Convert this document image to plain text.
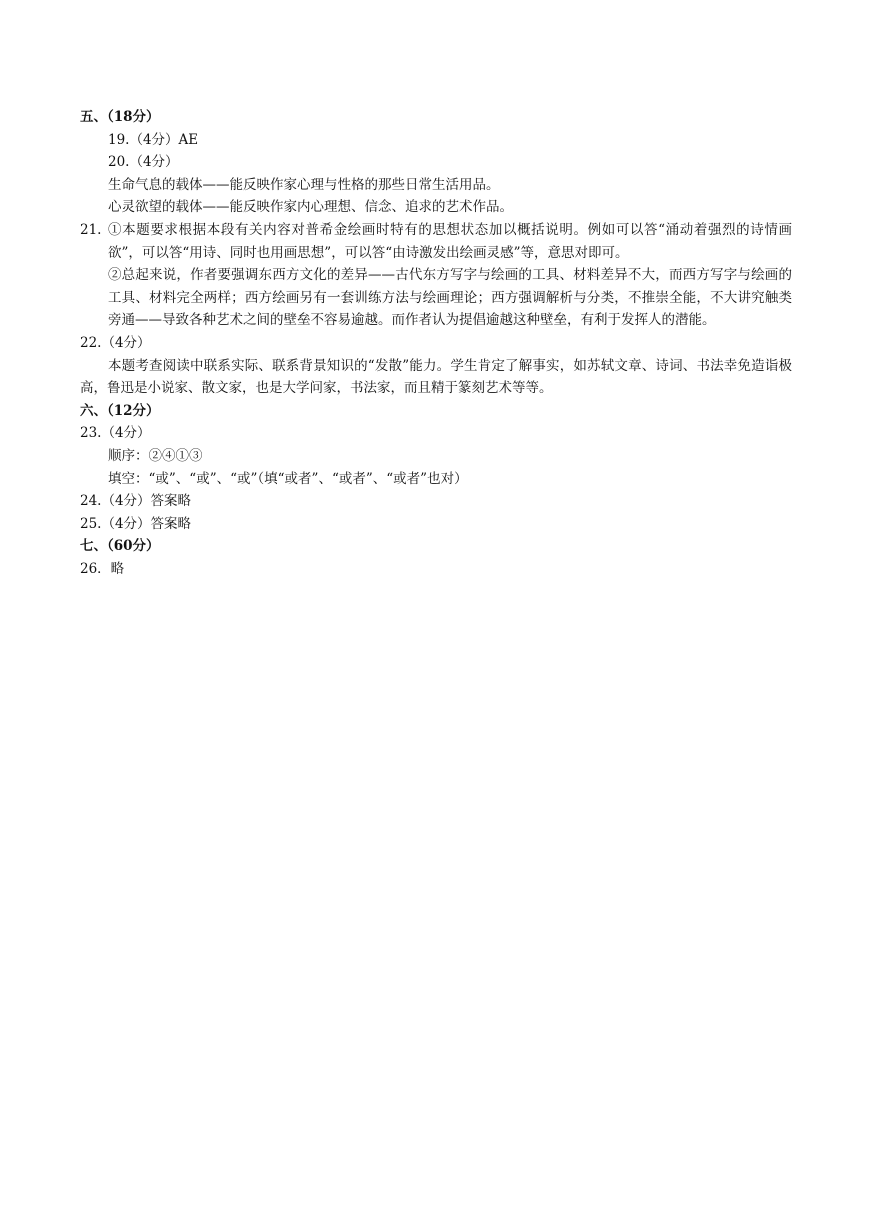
五、（18分）
19.（4分）AE
20.（4分）
生命气息的载体——能反映作家心理与性格的那些日常生活用品。
心灵欲望的载体——能反映作家内心理想、信念、追求的艺术作品。
21. ①本题要求根据本段有关内容对普希金绘画时特有的思想状态加以概括说明。例如可以答“涌动着强烈的诗情画欲”，可以答“用诗、同时也用画思想”，可以答“由诗激发出绘画灵感”等，意思对即可。
②总起来说，作者要强调东西方文化的差异——古代东方写字与绘画的工具、材料差异不大，而西方写字与绘画的工具、材料完全两样；西方绘画另有一套训练方法与绘画理论；西方强调解析与分类，不推崇全能，不大讲究触类旁通——导致各种艺术之间的壁垒不容易逾越。而作者认为提倡逾越这种壁垒，有利于发挥人的潜能。
22.（4分）
本题考查阅读中联系实际、联系背景知识的“发散”能力。学生肯定了解事实，如苏轼文章、诗词、书法幸免造诣极高，鲁迅是小说家、散文家，也是大学问家，书法家，而且精于篆刻艺术等等。
六、（12分）
23.（4分）
顺序：②④①③
填空：“或”、“或”、“或”（填“或者”、“或者”、“或者”也对）
24.（4分）答案略
25.（4分）答案略
七、（60分）
26．略
